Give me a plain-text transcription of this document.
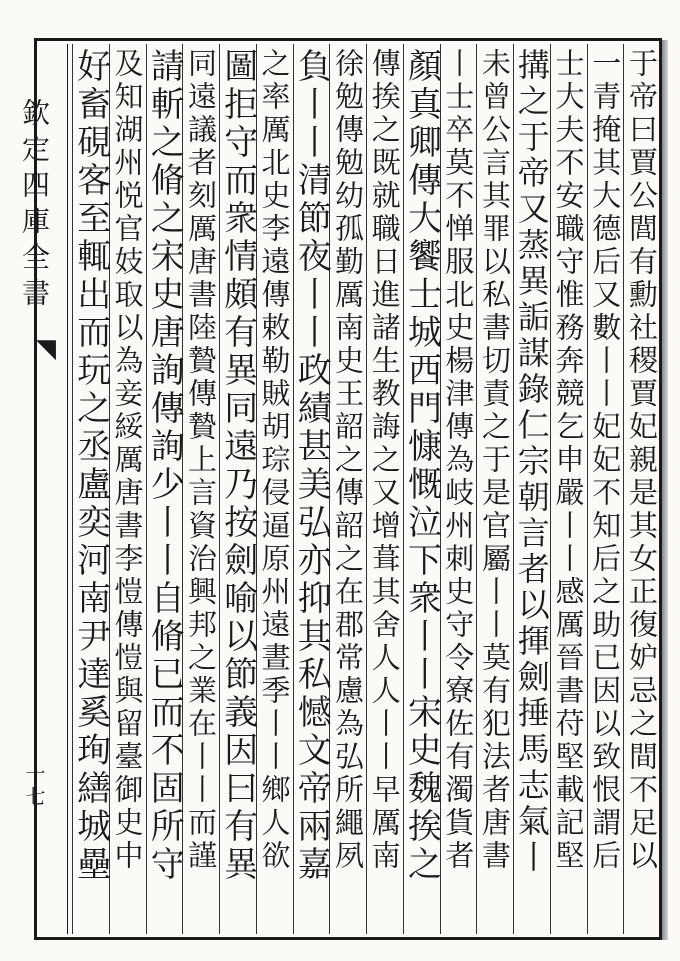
欽定四庫全書
◥
十七	于帝曰賈公閭有勳社稷賈妃親是其女正復妒忌之間不足以
一青掩其大德后又數丨丨妃妃不知后之助已因以致恨謂后
士大夫不安職守惟務奔競乞申嚴丨丨感厲晉書苻堅載記堅
搆之于帝又蒸異詬謀錄仁宗朝言者以揮劍捶馬志氣丨
未曾公言其罪以私書切責之于是官屬丨丨莫有犯法者唐書
丨士卒莫不惮服北史楊津傳為岐州刺史守令寮佐有濁貨者
顏真卿傳大饗士城西門慷慨泣下衆丨丨宋史魏挨之
傳挨之既就職日進諸生教誨之又增葺其舍人人丨丨早厲南
徐勉傳勉幼孤勤厲南史王韶之傳韶之在郡常慮為弘所繩夙
負丨丨清節夜丨丨政績甚美弘亦抑其私憾文帝兩嘉
之率厲北史李遠傳敕勒賊胡琮侵逼原州遠晝季丨丨鄉人欲
圖拒守而衆情頗有異同遠乃按劍喻以節義因曰有異
同遠議者刻厲唐書陸贄傳贄上言資治興邦之業在丨丨而謹
請斬之脩之宋史唐詢傳詢少丨丨自脩已而不固所守
及知湖州悦官妓取以為妾綏厲唐書李愷傳愷與留臺御史中
好畜硯客至輒出而玩之丞盧奕河南尹達奚珣繕城壘
